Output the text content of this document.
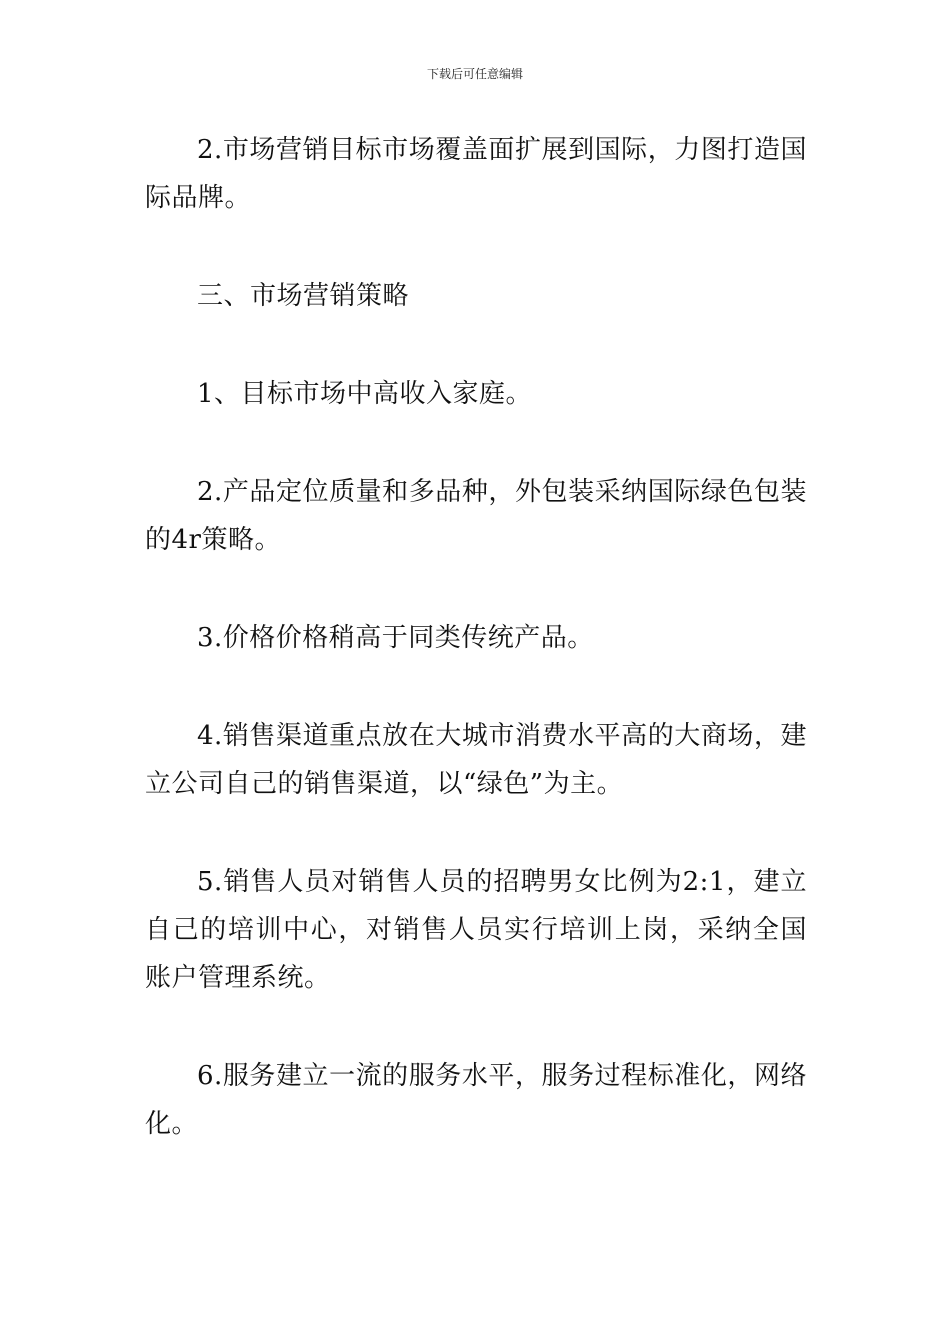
下载后可任意编辑

2.市场营销目标市场覆盖面扩展到国际，力图打造国际品牌。

三、市场营销策略

1、目标市场中高收入家庭。

2.产品定位质量和多品种，外包装采纳国际绿色包装的4r策略。

3.价格价格稍高于同类传统产品。

4.销售渠道重点放在大城市消费水平高的大商场，建立公司自己的销售渠道，以“绿色”为主。

5.销售人员对销售人员的招聘男女比例为2:1，建立自己的培训中心，对销售人员实行培训上岗，采纳全国账户管理系统。

6.服务建立一流的服务水平，服务过程标准化，网络化。
